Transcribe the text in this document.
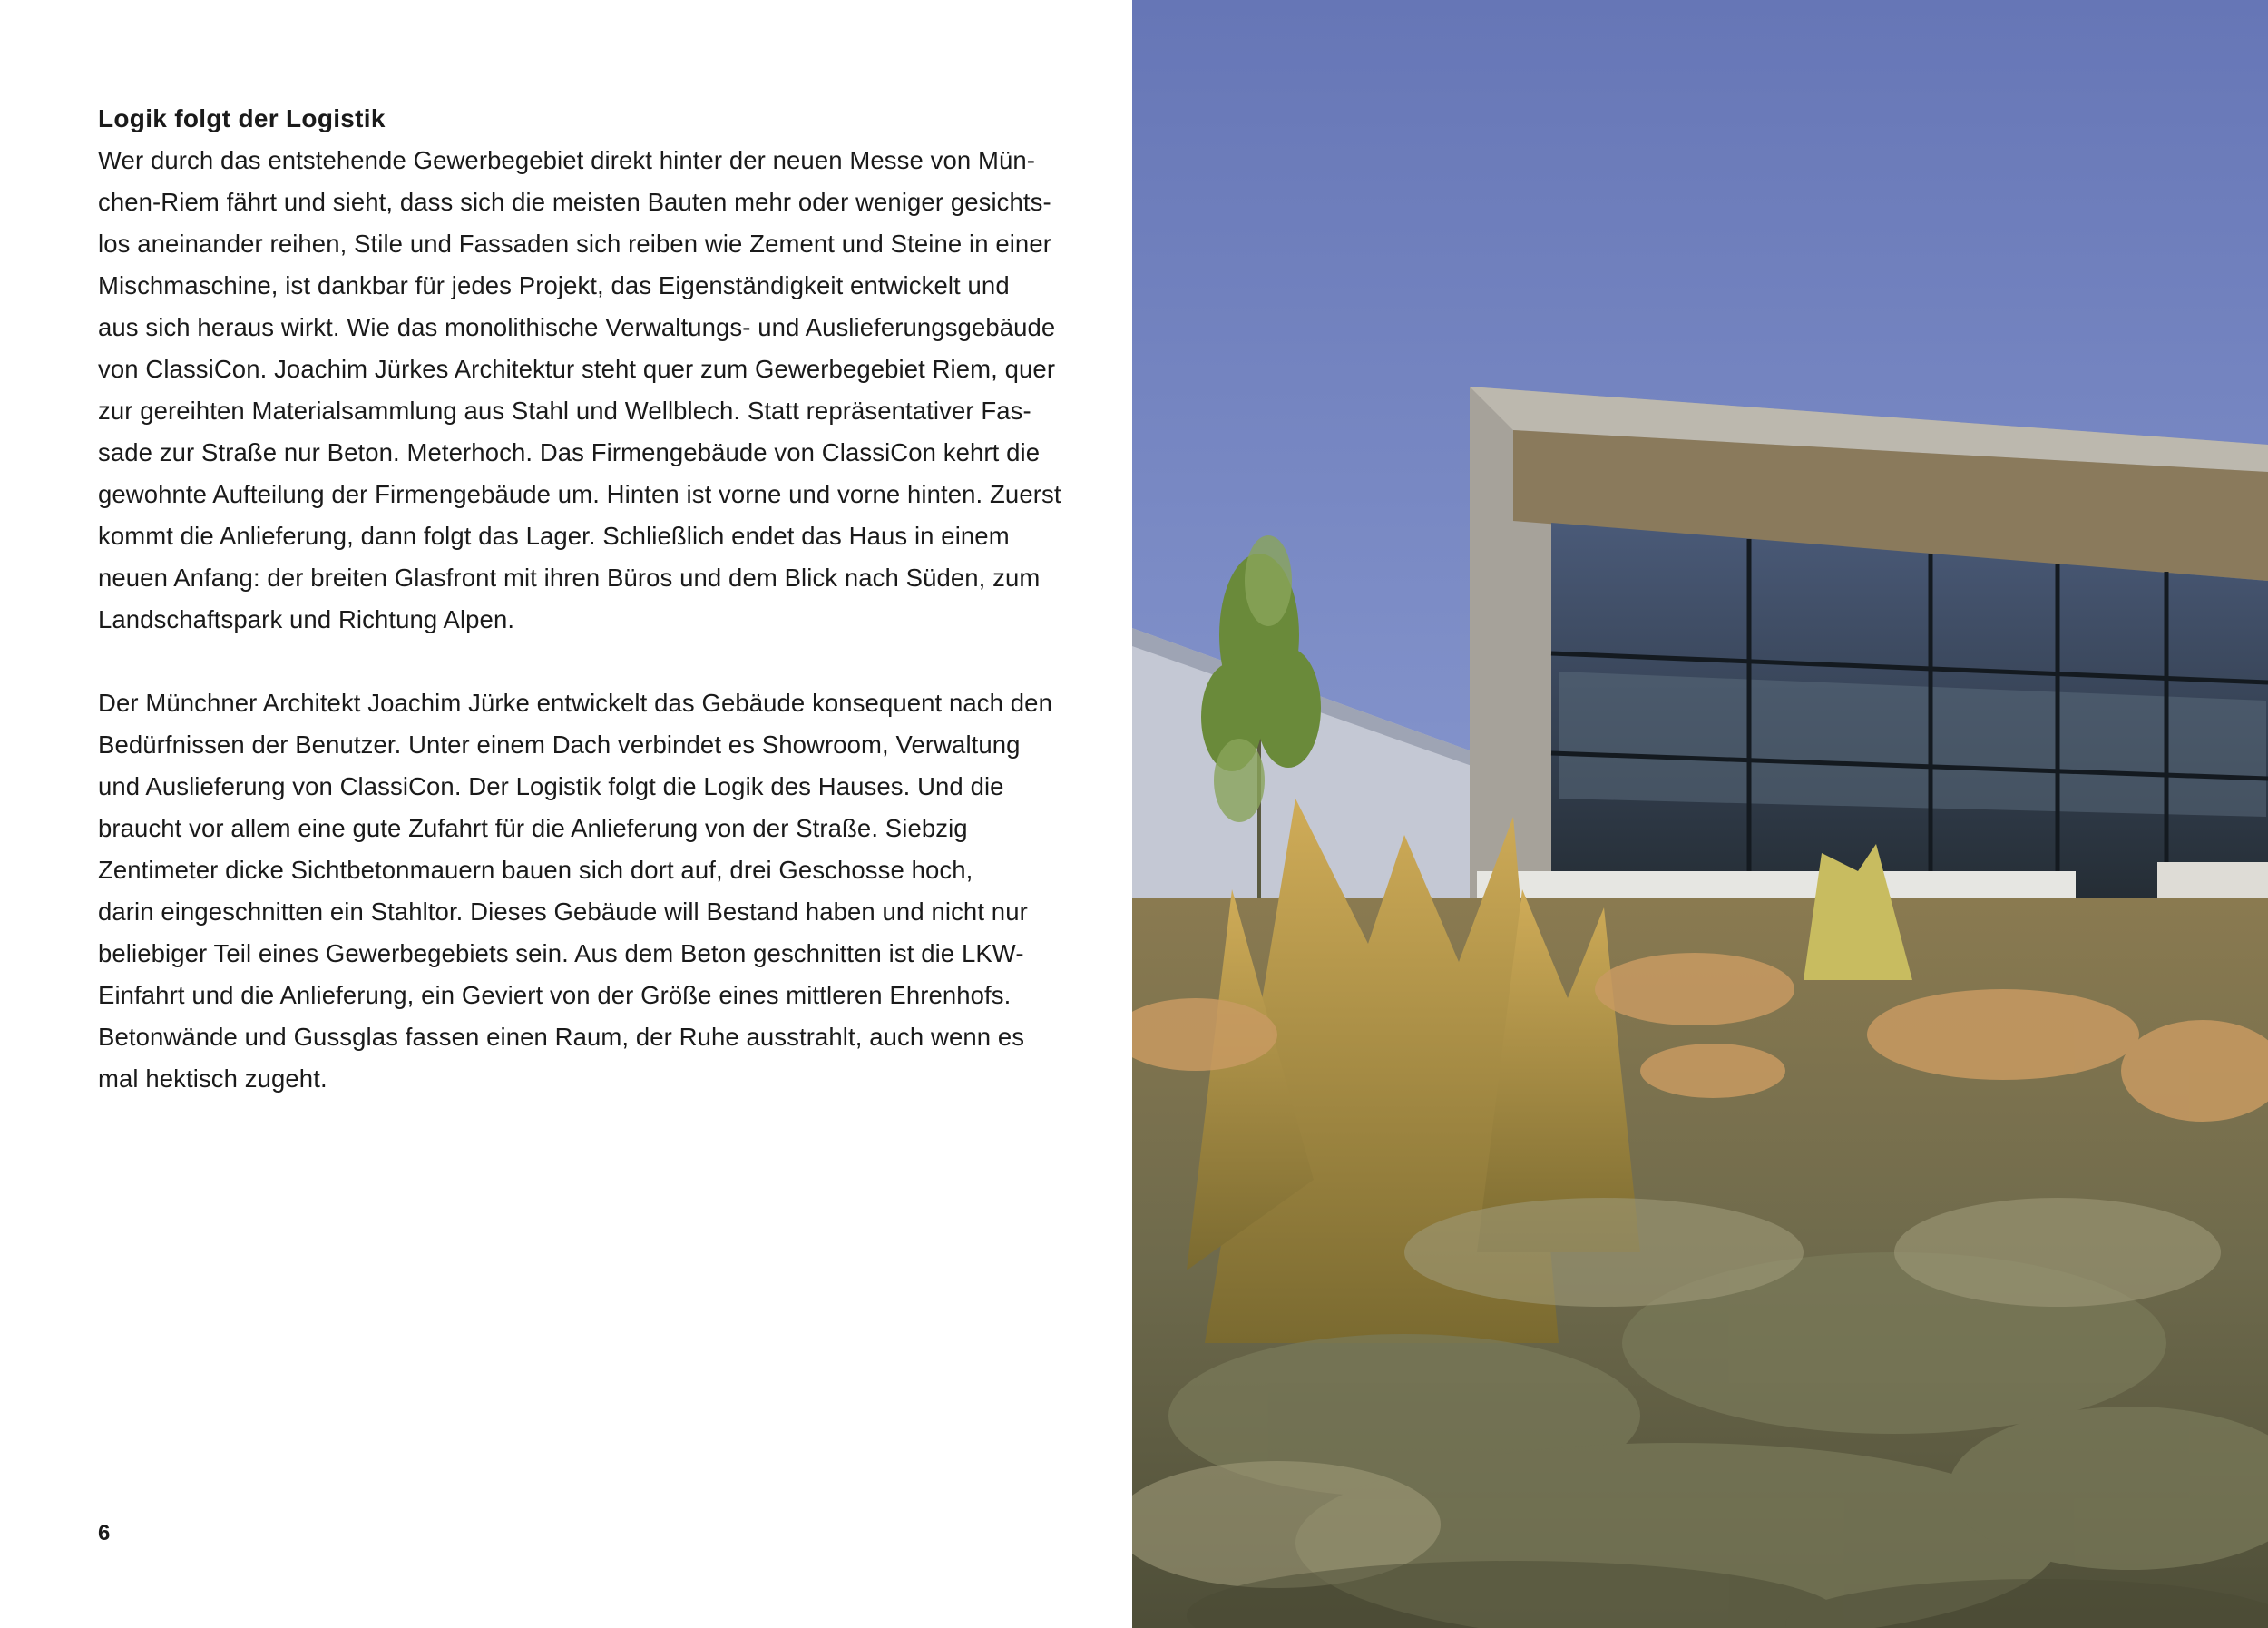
Logik folgt der Logistik
Wer durch das entstehende Gewerbegebiet direkt hinter der neuen Messe von Mün-
chen-Riem fährt und sieht, dass sich die meisten Bauten mehr oder weniger gesichts-
los aneinander reihen, Stile und Fassaden sich reiben wie Zement und Steine in einer
Mischmaschine, ist dankbar für jedes Projekt, das Eigenständigkeit entwickelt und
aus sich heraus wirkt. Wie das monolithische Verwaltungs- und Auslieferungsgebäude
von ClassiCon. Joachim Jürkes Architektur steht quer zum Gewerbegebiet Riem, quer
zur gereihten Materialsammlung aus Stahl und Wellblech. Statt repräsentativer Fas-
sade zur Straße nur Beton. Meterhoch. Das Firmengebäude von ClassiCon kehrt die
gewohnte Aufteilung der Firmengebäude um. Hinten ist vorne und vorne hinten. Zuerst
kommt die Anlieferung, dann folgt das Lager. Schließlich endet das Haus in einem
neuen Anfang: der breiten Glasfront mit ihren Büros und dem Blick nach Süden, zum
Landschaftspark und Richtung Alpen.
Der Münchner Architekt Joachim Jürke entwickelt das Gebäude konsequent nach den
Bedürfnissen der Benutzer. Unter einem Dach verbindet es Showroom, Verwaltung
und Auslieferung von ClassiCon. Der Logistik folgt die Logik des Hauses. Und die
braucht vor allem eine gute Zufahrt für die Anlieferung von der Straße. Siebzig
Zentimeter dicke Sichtbetonmauern bauen sich dort auf, drei Geschosse hoch,
darin eingeschnitten ein Stahltor. Dieses Gebäude will Bestand haben und nicht nur
beliebiger Teil eines Gewerbegebiets sein. Aus dem Beton geschnitten ist die LKW-
Einfahrt und die Anlieferung, ein Geviert von der Größe eines mittleren Ehrenhofs.
Betonwände und Gussglas fassen einen Raum, der Ruhe ausstrahlt, auch wenn es
mal hektisch zugeht.
6
